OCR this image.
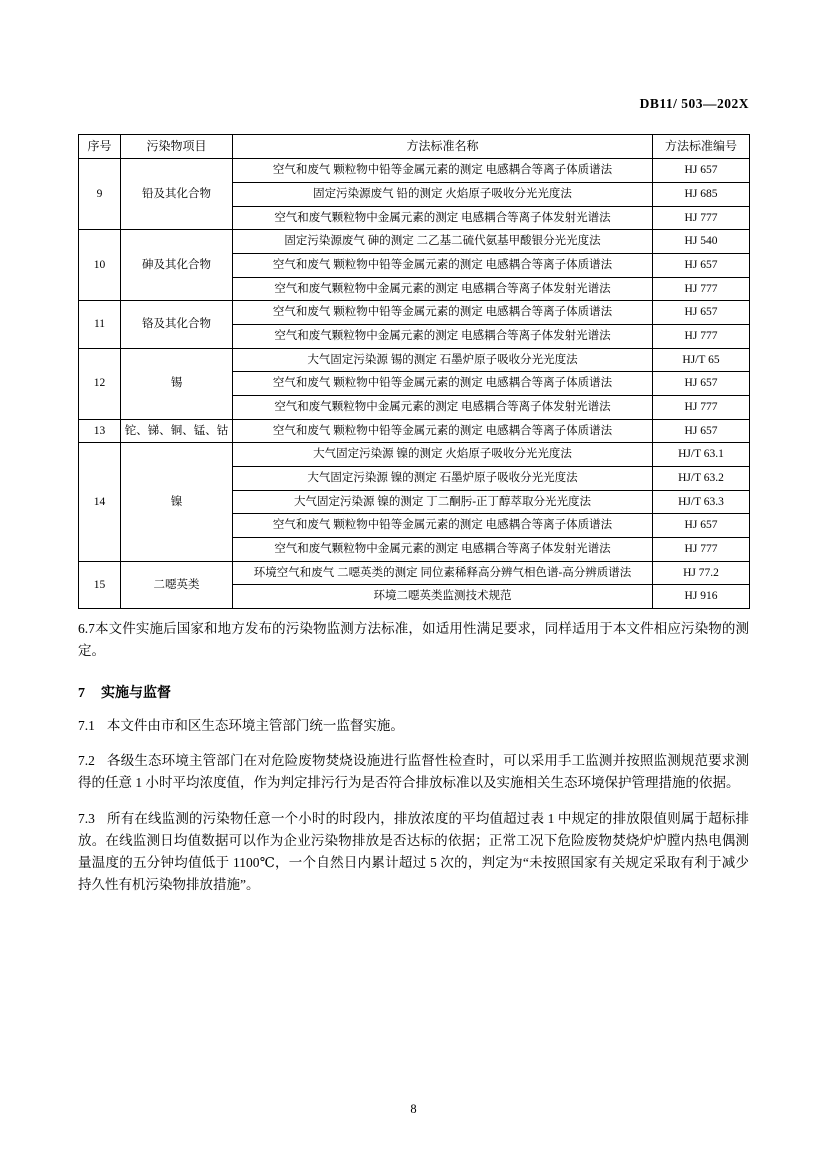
DB11/ 503—202X
序号	污染物项目	方法标准名称	方法标准编号
9	铅及其化合物	空气和废气 颗粒物中铅等金属元素的测定 电感耦合等离子体质谱法	HJ 657
		固定污染源废气 铅的测定 火焰原子吸收分光光度法	HJ 685
		空气和废气颗粒物中金属元素的测定 电感耦合等离子体发射光谱法	HJ 777
10	砷及其化合物	固定污染源废气 砷的测定 二乙基二硫代氨基甲酸银分光光度法	HJ 540
		空气和废气 颗粒物中铅等金属元素的测定 电感耦合等离子体质谱法	HJ 657
		空气和废气颗粒物中金属元素的测定 电感耦合等离子体发射光谱法	HJ 777
11	铬及其化合物	空气和废气 颗粒物中铅等金属元素的测定 电感耦合等离子体质谱法	HJ 657
		空气和废气颗粒物中金属元素的测定 电感耦合等离子体发射光谱法	HJ 777
12	锡	大气固定污染源 锡的测定 石墨炉原子吸收分光光度法	HJ/T 65
		空气和废气 颗粒物中铅等金属元素的测定 电感耦合等离子体质谱法	HJ 657
		空气和废气颗粒物中金属元素的测定 电感耦合等离子体发射光谱法	HJ 777
13	铊、锑、铜、锰、钴	空气和废气 颗粒物中铅等金属元素的测定 电感耦合等离子体质谱法	HJ 657
14	镍	大气固定污染源 镍的测定 火焰原子吸收分光光度法	HJ/T 63.1
		大气固定污染源 镍的测定 石墨炉原子吸收分光光度法	HJ/T 63.2
		大气固定污染源 镍的测定 丁二酮肟-正丁醇萃取分光光度法	HJ/T 63.3
		空气和废气 颗粒物中铅等金属元素的测定 电感耦合等离子体质谱法	HJ 657
		空气和废气颗粒物中金属元素的测定 电感耦合等离子体发射光谱法	HJ 777
15	二噁英类	环境空气和废气 二噁英类的测定 同位素稀释高分辨气相色谱-高分辨质谱法	HJ 77.2
		环境二噁英类监测技术规范	HJ 916
6.7本文件实施后国家和地方发布的污染物监测方法标准，如适用性满足要求，同样适用于本文件相应污染物的测定。
7 实施与监督
7.1 本文件由市和区生态环境主管部门统一监督实施。
7.2 各级生态环境主管部门在对危险废物焚烧设施进行监督性检查时，可以采用手工监测并按照监测规范要求测得的任意 1 小时平均浓度值，作为判定排污行为是否符合排放标准以及实施相关生态环境保护管理措施的依据。
7.3 所有在线监测的污染物任意一个小时的时段内，排放浓度的平均值超过表 1 中规定的排放限值则属于超标排放。在线监测日均值数据可以作为企业污染物排放是否达标的依据；正常工况下危险废物焚烧炉炉膛内热电偶测量温度的五分钟均值低于 1100℃，一个自然日内累计超过 5 次的，判定为“未按照国家有关规定采取有利于减少持久性有机污染物排放措施”。
8
